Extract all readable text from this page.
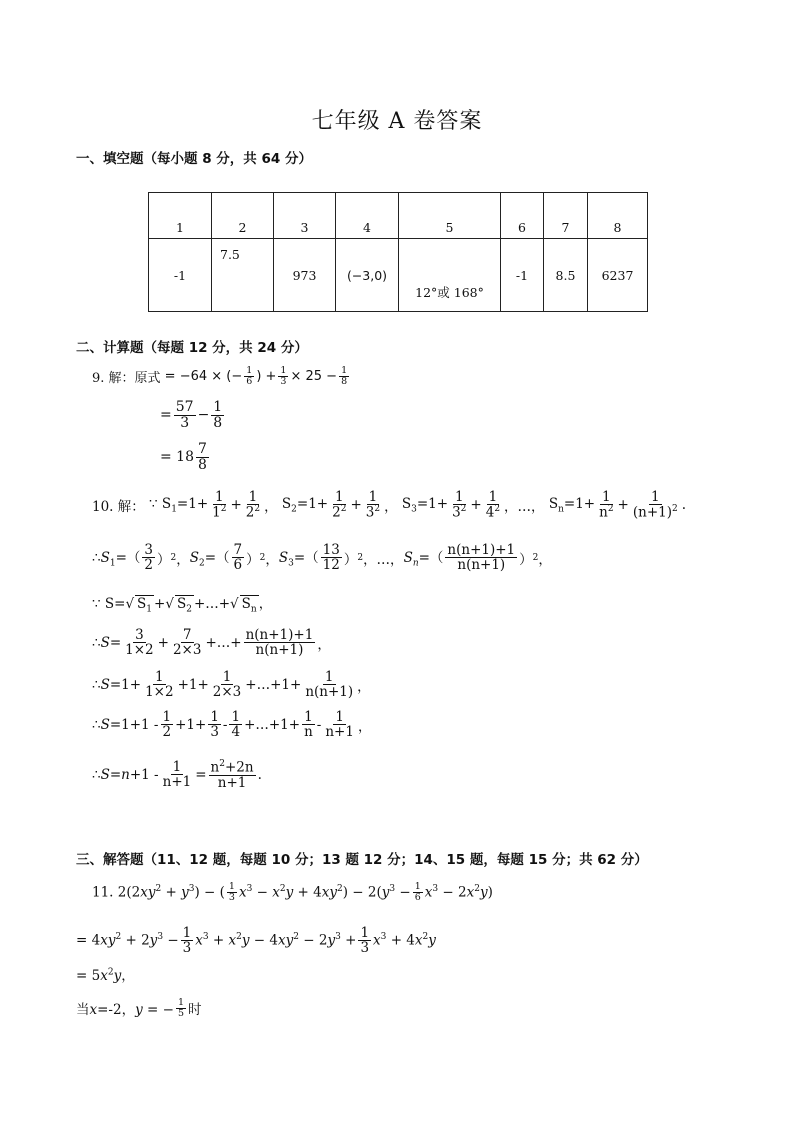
七年级 A 卷答案
一、填空题（每小题 8 分，共 64 分）
1	2	3	4	5	6	7	8
-1	7.5	973	(−3,0)	12°或 168°	-1	8.5	6237
二、计算题（每题 12 分，共 24 分）
9. 解：原式 = −64 × (− $\frac{1}{6}$ ) + $\frac{1}{3} \times 25 - \frac{1}{8}$
= $\frac{57}{3} - \frac{1}{8}$
= $18 \frac{7}{8}$
10. 解： ∵ $S_1=1+ \frac{1}{1^2} + \frac{1}{2^2}$ ， $S_2=1+ \frac{1}{2^2} + \frac{1}{3^2}$ ， $S_3=1+ \frac{1}{3^2} + \frac{1}{4^2}$ ，…， $S_n=1+ \frac{1}{n^2} + \frac{1}{(n+1)^2}$ .
$\therefore S_1=( \frac{3}{2}$ ） 2 ， $S_2=( \frac{7}{6}$ ） 2 ， $S_3=( \frac{13}{12}$ ） 2 ，…， $S_n=( \frac{n(n+1)+1}{n(n+1)}$ ） 2 ，
∵ S=√ $S_1$ +√ $S_2$ +…+√ $S_n$ ，
∴S= $\frac{3}{1\times 2} + \frac{7}{2\times 3}$ +…+ $\frac{n(n+1)+1}{n(n+1)}$ ，
∴S=1+ $\frac{1}{1\times 2} +1+ \frac{1}{2\times 3}$ +…+1+ $\frac{1}{n(n+1)}$ ，
∴S=1+1 - $\frac{1}{2} +1+ \frac{1}{3} - \frac{1}{4}$ +…+1+ $\frac{1}{n} - \frac{1}{n+1}$ ，
∴S=n+1 - $\frac{1}{n+1} = \frac{n^2+2n}{n+1}$ .
三、解答题（11、12 题，每题 10 分；13 题 12 分；14、15 题，每题 15 分；共 62 分）
11. $2(2xy^2 + y^3)$ − ( $\frac{1}{3} x^3 - x^2y + 4xy^2) - 2(y^3 - \frac{1}{6} x^3 - 2x^2y)$
= $4xy^2 + 2y^3 - \frac{1}{3} x^3 + x^2y - 4xy^2 - 2y^3 + \frac{1}{3} x^3 + 4x^2y$
= $5x^2y$，
当x=-2，y = − $\frac{1}{5}$ 时
